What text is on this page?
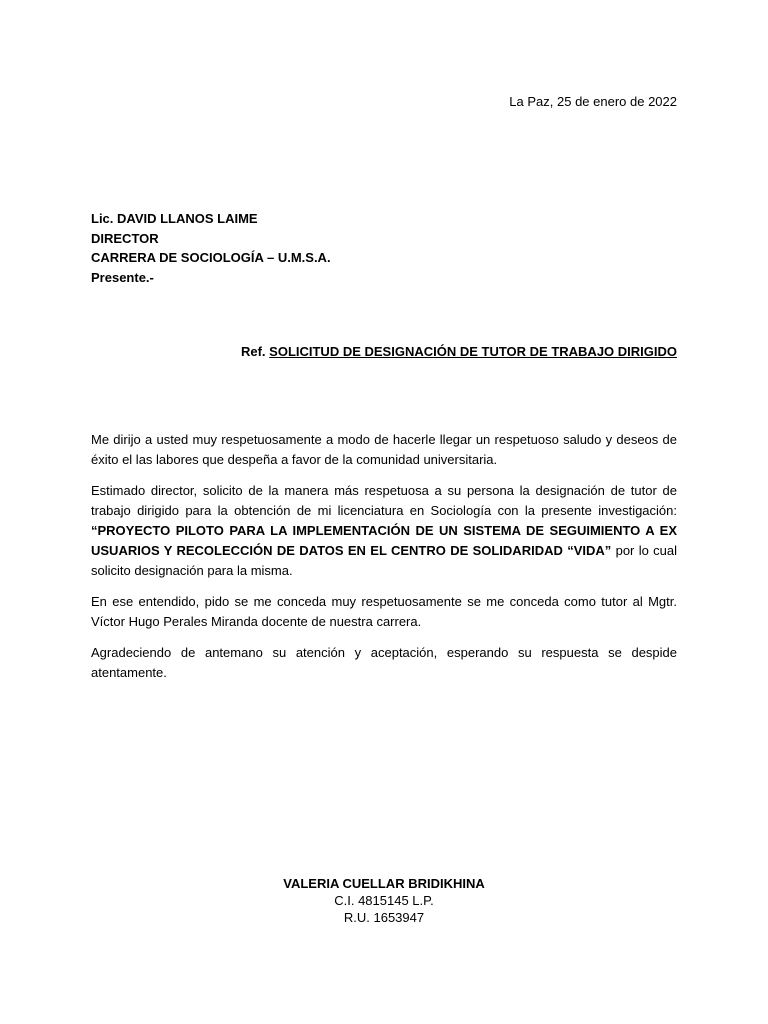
La Paz, 25 de enero de 2022
Lic. DAVID LLANOS LAIME
DIRECTOR
CARRERA DE SOCIOLOGÍA – U.M.S.A.
Presente.-
Ref. SOLICITUD DE DESIGNACIÓN DE TUTOR DE TRABAJO DIRIGIDO

Me dirijo a usted muy respetuosamente a modo de hacerle llegar un respetuoso saludo y deseos de éxito el las labores que despeña a favor de la comunidad universitaria.

Estimado director, solicito de la manera más respetuosa a su persona la designación de tutor de trabajo dirigido para la obtención de mi licenciatura en Sociología con la presente investigación: “PROYECTO PILOTO PARA LA IMPLEMENTACIÓN DE UN SISTEMA DE SEGUIMIENTO A EX USUARIOS Y RECOLECCIÓN DE DATOS EN EL CENTRO DE SOLIDARIDAD “VIDA” por lo cual solicito designación para la misma.

En ese entendido, pido se me conceda muy respetuosamente se me conceda como tutor al Mgtr. Víctor Hugo Perales Miranda docente de nuestra carrera.

Agradeciendo de antemano su atención y aceptación, esperando su respuesta se despide atentamente.

VALERIA CUELLAR BRIDIKHINA
C.I. 4815145 L.P.
R.U. 1653947
